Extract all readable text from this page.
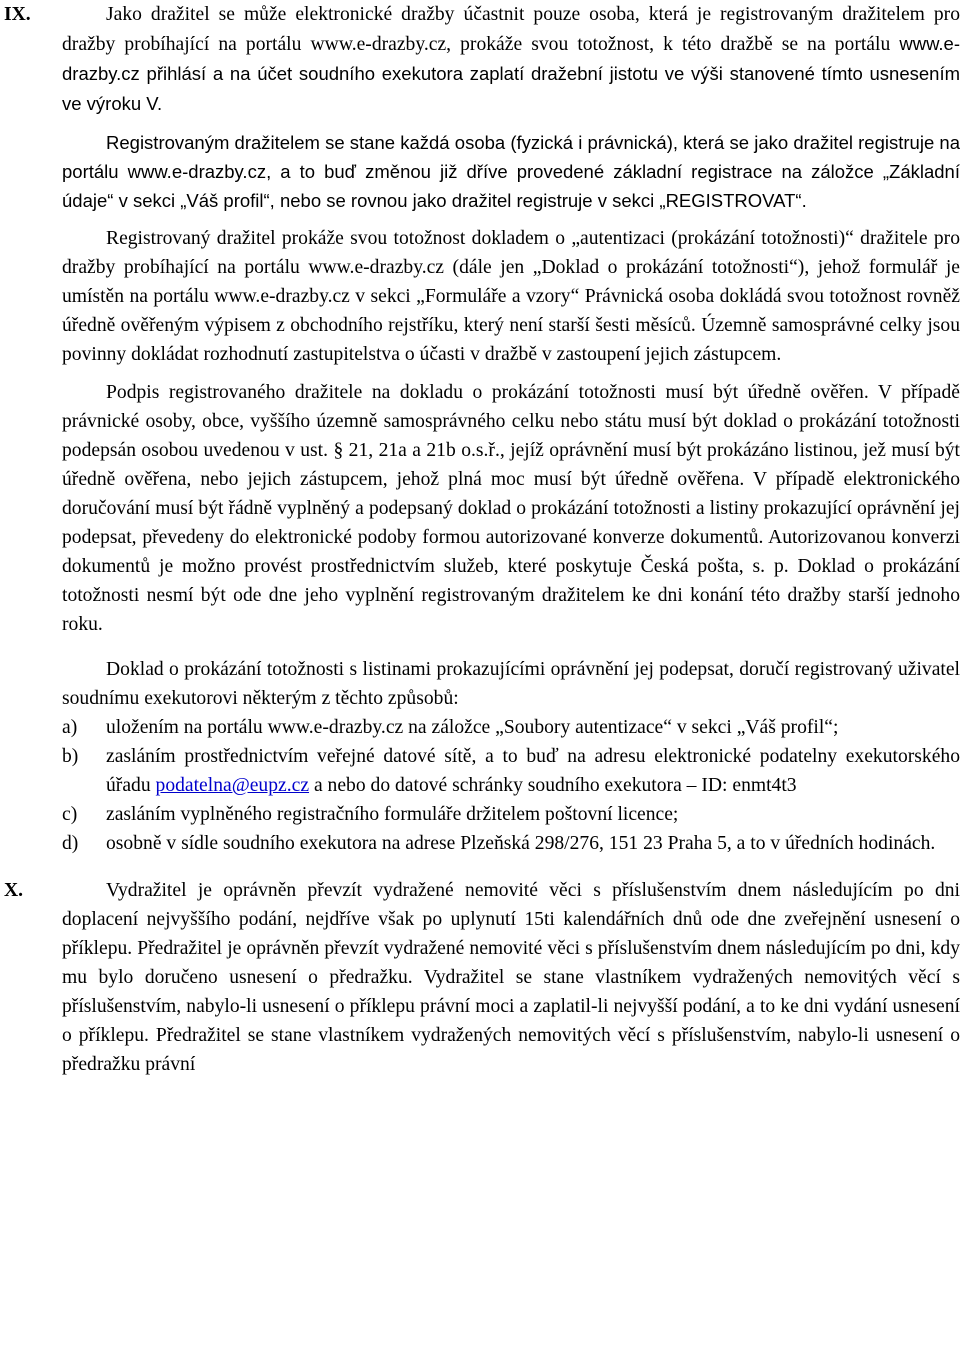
IX.	Jako dražitel se může elektronické dražby účastnit pouze osoba, která je registrovaným dražitelem pro dražby probíhající na portálu www.e-drazby.cz, prokáže svou totožnost, k této dražbě se na portálu www.e-drazby.cz přihlásí a na účet soudního exekutora zaplatí dražební jistotu ve výši stanovené tímto usnesením ve výroku V.

Registrovaným dražitelem se stane každá osoba (fyzická i právnická), která se jako dražitel registruje na portálu www.e-drazby.cz, a to buď změnou již dříve provedené základní registrace na záložce „Základní údaje“ v sekci „Váš profil“, nebo se rovnou jako dražitel registruje v sekci „REGISTROVAT“.

Registrovaný dražitel prokáže svou totožnost dokladem o „autentizaci (prokázání totožnosti)“ dražitele pro dražby probíhající na portálu www.e-drazby.cz (dále jen „Doklad o prokázání totožnosti“), jehož formulář je umístěn na portálu www.e-drazby.cz v sekci „Formuláře a vzory“ Právnická osoba dokládá svou totožnost rovněž úředně ověřeným výpisem z obchodního rejstříku, který není starší šesti měsíců. Územně samosprávné celky jsou povinny dokládat rozhodnutí zastupitelstva o účasti v dražbě v zastoupení jejich zástupcem.

Podpis registrovaného dražitele na dokladu o prokázání totožnosti musí být úředně ověřen. V případě právnické osoby, obce, vyššího územně samosprávného celku nebo státu musí být doklad o prokázání totožnosti podepsán osobou uvedenou v ust. § 21, 21a a 21b o.s.ř., jejíž oprávnění musí být prokázáno listinou, jež musí být úředně ověřena, nebo jejich zástupcem, jehož plná moc musí být úředně ověřena. V případě elektronického doručování musí být řádně vyplněný a podepsaný doklad o prokázání totožnosti a listiny prokazující oprávnění jej podepsat, převedeny do elektronické podoby formou autorizované konverze dokumentů. Autorizovanou konverzi dokumentů je možno provést prostřednictvím služeb, které poskytuje Česká pošta, s. p. Doklad o prokázání totožnosti nesmí být ode dne jeho vyplnění registrovaným dražitelem ke dni konání této dražby starší jednoho roku.

Doklad o prokázání totožnosti s listinami prokazujícími oprávnění jej podepsat, doručí registrovaný uživatel soudnímu exekutorovi některým z těchto způsobů:

a) uložením na portálu www.e-drazby.cz na záložce „Soubory autentizace“ v sekci „Váš profil“;
b) zasláním prostřednictvím veřejné datové sítě, a to buď na adresu elektronické podatelny exekutorského úřadu podatelna@eupz.cz a nebo do datové schránky soudního exekutora – ID: enmt4t3
c) zasláním vyplněného registračního formuláře držitelem poštovní licence;
d) osobně v sídle soudního exekutora na adrese Plzeňská 298/276, 151 23 Praha 5, a to v úředních hodinách.
X.	Vydražitel je oprávněn převzít vydražené nemovité věci s příslušenstvím dnem následujícím po dni doplacení nejvyššího podání, nejdříve však po uplynutí 15ti kalendářních dnů ode dne zveřejnění usnesení o příklepu. Předražitel je oprávněn převzít vydražené nemovité věci s příslušenstvím dnem následujícím po dni, kdy mu bylo doručeno usnesení o předražku. Vydražitel se stane vlastníkem vydražených nemovitých věcí s příslušenstvím, nabylo-li usnesení o příklepu právní moci a zaplatil-li nejvyšší podání, a to ke dni vydání usnesení o příklepu. Předražitel se stane vlastníkem vydražených nemovitých věcí s příslušenstvím, nabylo-li usnesení o předražku právní
